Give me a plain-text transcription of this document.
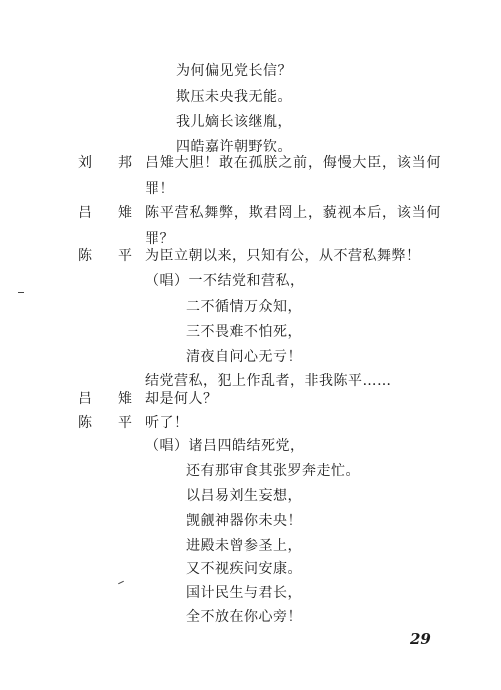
为何偏见党长信？
欺压未央我无能。
我儿嫡长该继胤，
四皓嘉许朝野钦。
刘 邦 吕雉大胆！敢在孤朕之前，侮慢大臣，该当何
罪！
吕 雉 陈平营私舞弊，欺君罔上，藐视本后，该当何
罪？
陈 平 为臣立朝以来，只知有公，从不营私舞弊！
（唱）一不结党和营私，
二不循情万众知，
三不畏难不怕死，
清夜自问心无亏！
结党营私，犯上作乱者，非我陈平……
吕 雉 却是何人？
陈 平 听了！
（唱）诸吕四皓结死党，
还有那审食其张罗奔走忙。
以吕易刘生妄想，
觊觎神器你未央！
进殿未曾参圣上，
又不视疾问安康。
国计民生与君长，
全不放在你心旁！
29
